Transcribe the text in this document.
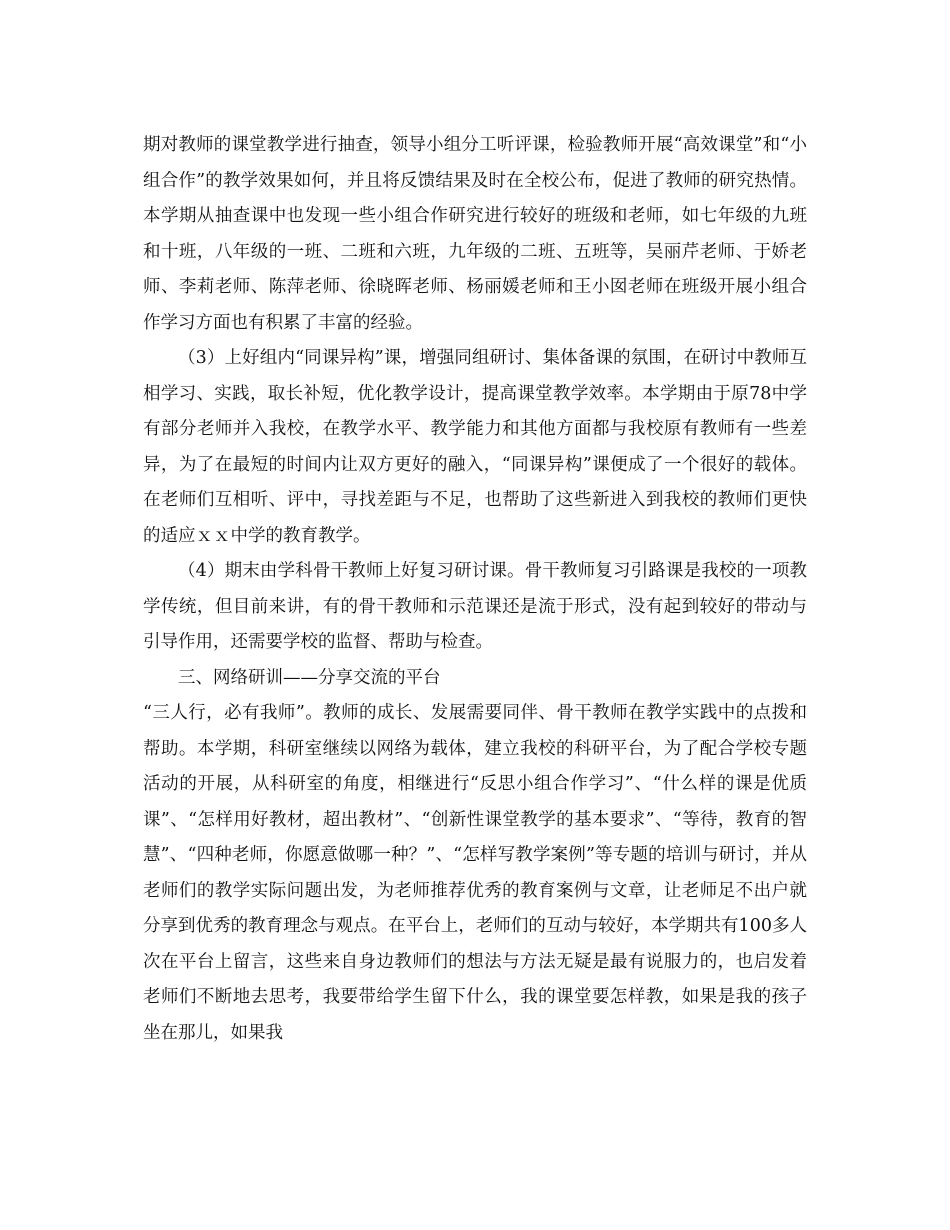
期对教师的课堂教学进行抽查，领导小组分工听评课，检验教师开展“高效课堂”和“小组合作”的教学效果如何，并且将反馈结果及时在全校公布，促进了教师的研究热情。本学期从抽查课中也发现一些小组合作研究进行较好的班级和老师，如七年级的九班和十班，八年级的一班、二班和六班，九年级的二班、五班等，吴丽芹老师、于娇老师、李莉老师、陈萍老师、徐晓晖老师、杨丽媛老师和王小囡老师在班级开展小组合作学习方面也有积累了丰富的经验。

（3）上好组内“同课异构”课，增强同组研讨、集体备课的氛围，在研讨中教师互相学习、实践，取长补短，优化教学设计，提高课堂教学效率。本学期由于原78中学有部分老师并入我校，在教学水平、教学能力和其他方面都与我校原有教师有一些差异，为了在最短的时间内让双方更好的融入，“同课异构”课便成了一个很好的载体。在老师们互相听、评中，寻找差距与不足，也帮助了这些新进入到我校的教师们更快的适应ｘｘ中学的教育教学。

（4）期末由学科骨干教师上好复习研讨课。骨干教师复习引路课是我校的一项教学传统，但目前来讲，有的骨干教师和示范课还是流于形式，没有起到较好的带动与引导作用，还需要学校的监督、帮助与检查。

三、网络研训——分享交流的平台

“三人行，必有我师”。教师的成长、发展需要同伴、骨干教师在教学实践中的点拨和帮助。本学期，科研室继续以网络为载体，建立我校的科研平台，为了配合学校专题活动的开展，从科研室的角度，相继进行“反思小组合作学习”、“什么样的课是优质课”、“怎样用好教材，超出教材”、“创新性课堂教学的基本要求”、“等待，教育的智慧”、“四种老师，你愿意做哪一种？”、“怎样写教学案例”等专题的培训与研讨，并从老师们的教学实际问题出发，为老师推荐优秀的教育案例与文章，让老师足不出户就分享到优秀的教育理念与观点。在平台上，老师们的互动与较好，本学期共有100多人次在平台上留言，这些来自身边教师们的想法与方法无疑是最有说服力的，也启发着老师们不断地去思考，我要带给学生留下什么，我的课堂要怎样教，如果是我的孩子坐在那儿，如果我
